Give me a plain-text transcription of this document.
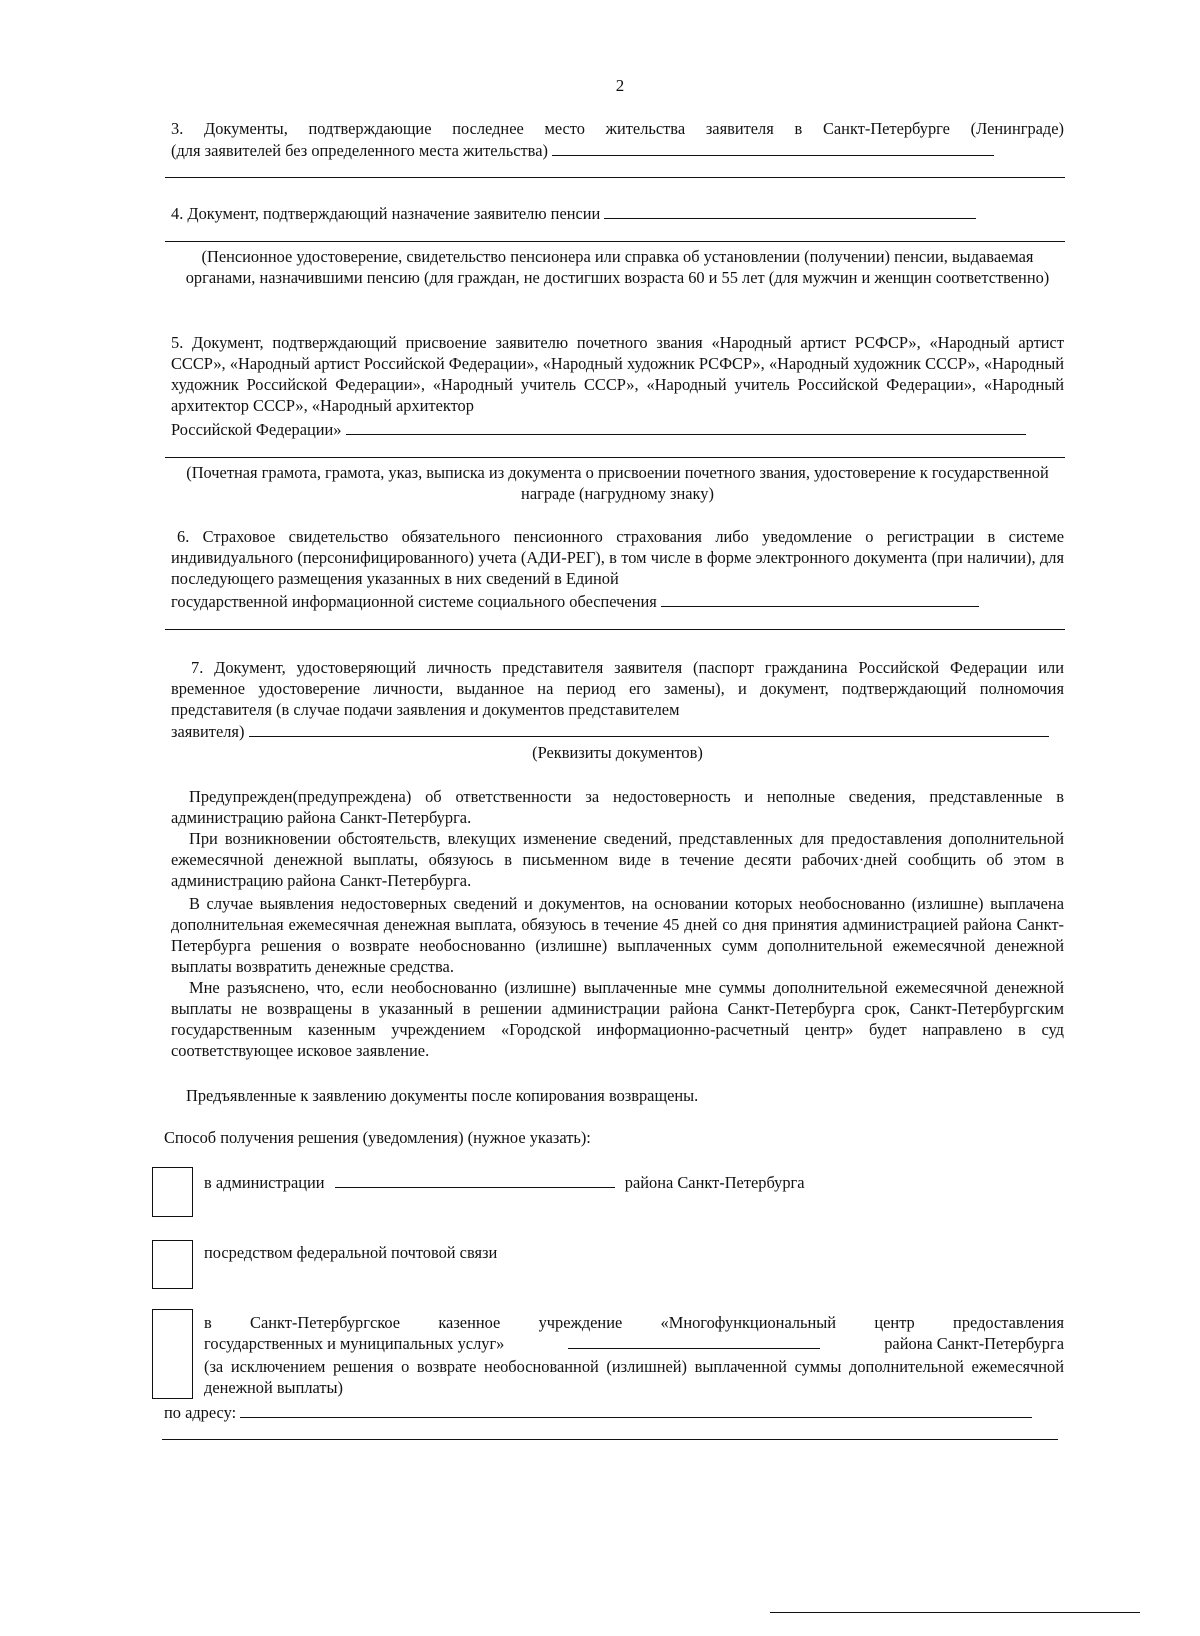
2

3. Документы, подтверждающие последнее место жительства заявителя в Санкт-Петербурге (Ленинграде)

(для заявителей без определенного места жительства)
4. Документ, подтверждающий назначение заявителю пенсии

(Пенсионное удостоверение, свидетельство пенсионера или справка об установлении (получении) пенсии, выдаваемая органами, назначившими пенсию (для граждан, не достигших возраста 60 и 55 лет (для мужчин и женщин соответственно)

5. Документ, подтверждающий присвоение заявителю почетного звания «Народный артист РСФСР», «Народный артист СССР», «Народный артист Российской Федерации», «Народный художник РСФСР», «Народный художник СССР», «Народный художник Российской Федерации», «Народный учитель СССР», «Народный учитель Российской Федерации», «Народный архитектор СССР», «Народный архитектор

Российской Федерации»

(Почетная грамота, грамота, указ, выписка из документа о присвоении почетного звания, удостоверение к государственной награде (нагрудному знаку)

6. Страховое свидетельство обязательного пенсионного страхования либо уведомление о регистрации в системе индивидуального (персонифицированного) учета (АДИ-РЕГ), в том числе в форме электронного документа (при наличии), для последующего размещения указанных в них сведений в Единой

государственной информационной системе социального обеспечения

7. Документ, удостоверяющий личность представителя заявителя (паспорт гражданина Российской Федерации или временное удостоверение личности, выданное на период его замены), и документ, подтверждающий полномочия представителя (в случае подачи заявления и документов представителем

заявителя)

(Реквизиты документов)

Предупрежден(предупреждена) об ответственности за недостоверность и неполные сведения, представленные в администрацию района Санкт-Петербурга.

При возникновении обстоятельств, влекущих изменение сведений, представленных для предоставления дополнительной ежемесячной денежной выплаты, обязуюсь в письменном виде в течение десяти рабочих·дней сообщить об этом в администрацию района Санкт-Петербурга.

В случае выявления недостоверных сведений и документов, на основании которых необоснованно (излишне) выплачена дополнительная ежемесячная денежная выплата, обязуюсь в течение 45 дней со дня принятия администрацией района Санкт-Петербурга решения о возврате необоснованно (излишне) выплаченных сумм дополнительной ежемесячной денежной выплаты возвратить денежные средства.

Мне разъяснено, что, если необоснованно (излишне) выплаченные мне суммы дополнительной ежемесячной денежной выплаты не возвращены в указанный в решении администрации района Санкт-Петербурга срок, Санкт-Петербургским государственным казенным учреждением «Городской информационно-расчетный центр» будет направлено в суд соответствующее исковое заявление.

Предъявленные к заявлению документы после копирования возвращены.

Способ получения решения (уведомления) (нужное указать):

в администрации	района Санкт-Петербурга
посредством федеральной почтовой связи

в Санкт-Петербургское казенное учреждение «Многофункциональный центр предоставления

государственных и муниципальных услуг»	района Санкт-Петербурга

(за исключением решения о возврате необоснованной (излишней) выплаченной суммы дополнительной ежемесячной денежной выплаты)

по адресу:
